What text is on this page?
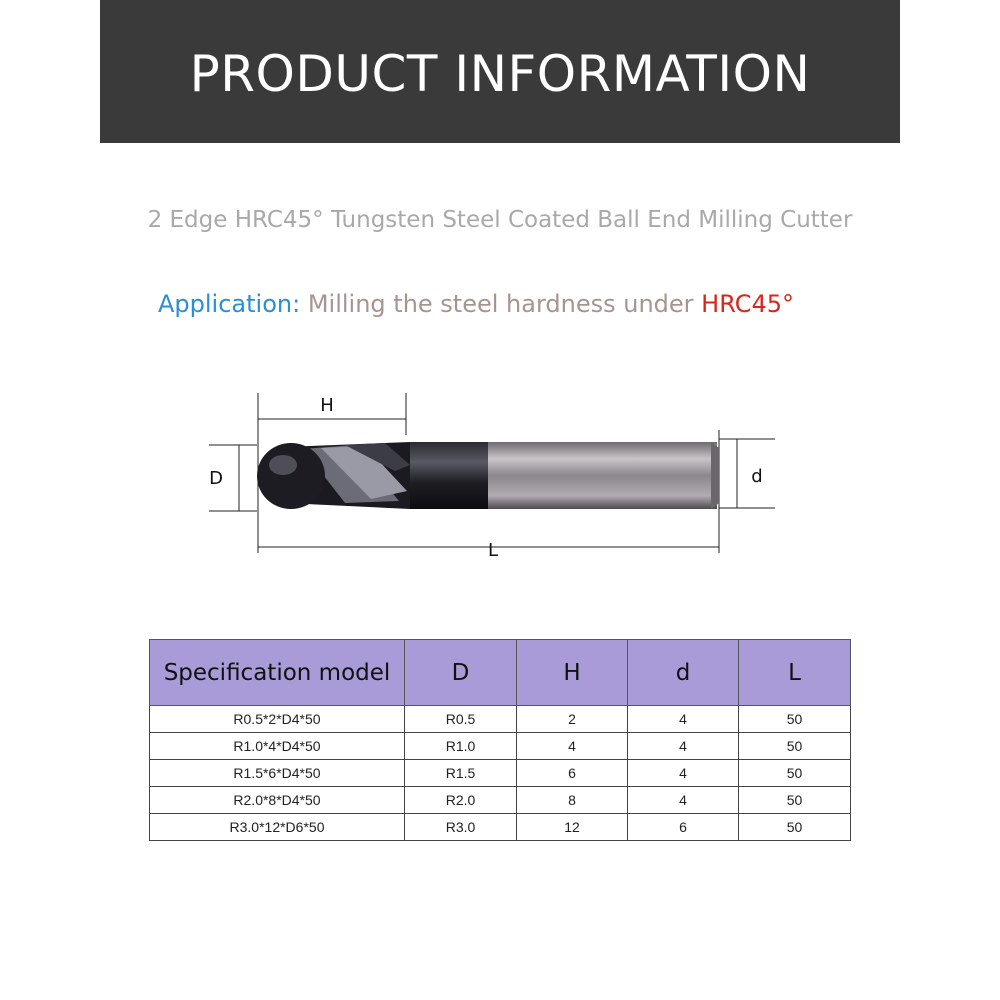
PRODUCT INFORMATION
2 Edge HRC45° Tungsten Steel Coated Ball End Milling Cutter
Application: Milling the steel hardness under HRC45°
H
D	d
L
Specification model	D	H	d	L
R0.5*2*D4*50	R0.5	2	4	50
R1.0*4*D4*50	R1.0	4	4	50
R1.5*6*D4*50	R1.5	6	4	50
R2.0*8*D4*50	R2.0	8	4	50
R3.0*12*D6*50	R3.0	12	6	50
